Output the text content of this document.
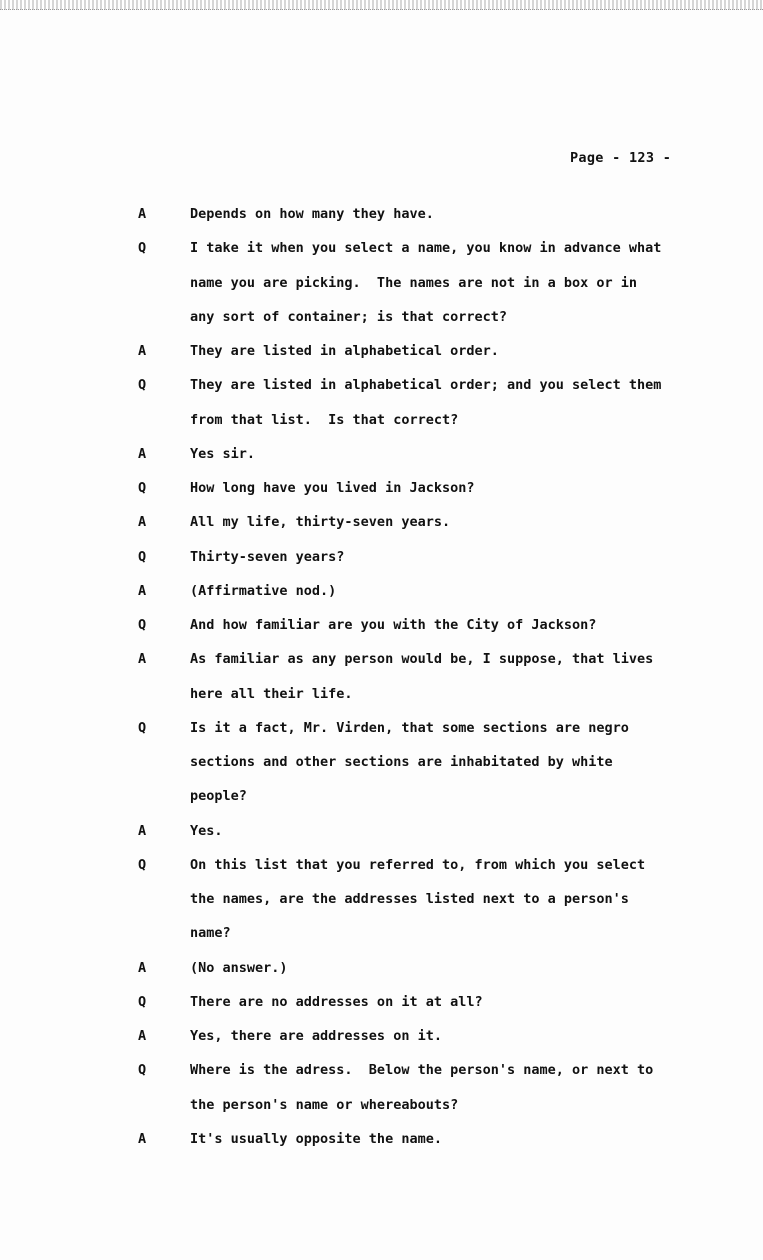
Page - 123 -
A	Depends on how many they have.
Q	I take it when you select a name, you know in advance what
name you are picking.  The names are not in a box or in
any sort of container; is that correct?
A	They are listed in alphabetical order.
Q	They are listed in alphabetical order; and you select them
from that list.  Is that correct?
A	Yes sir.
Q	How long have you lived in Jackson?
A	All my life, thirty-seven years.
Q	Thirty-seven years?
A	(Affirmative nod.)
Q	And how familiar are you with the City of Jackson?
A	As familiar as any person would be, I suppose, that lives
here all their life.
Q	Is it a fact, Mr. Virden, that some sections are negro
sections and other sections are inhabitated by white
people?
A	Yes.
Q	On this list that you referred to, from which you select
the names, are the addresses listed next to a person's
name?
A	(No answer.)
Q	There are no addresses on it at all?
A	Yes, there are addresses on it.
Q	Where is the adress.  Below the person's name, or next to
the person's name or whereabouts?
A	It's usually opposite the name.
